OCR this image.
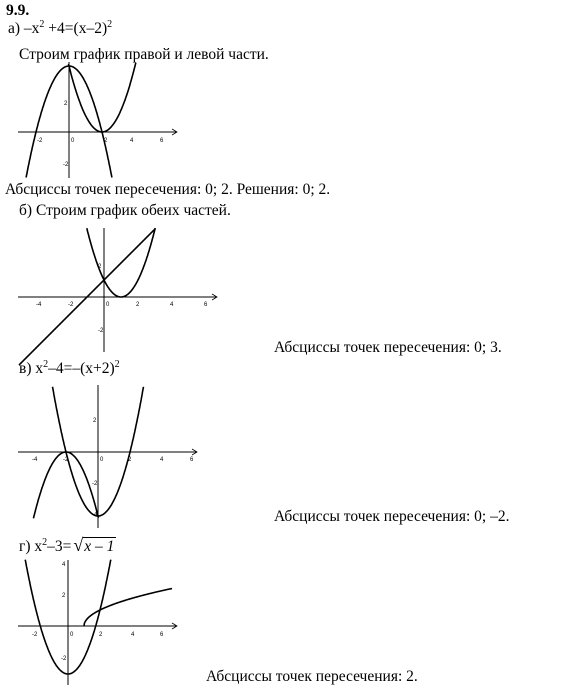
9.9.
а) $-x^2 +4=(x-2)^2$
Строим график правой и левой части.
-2	0	2	4	6
2
-2
-4	-2	0	2	4	6
2
-2
-4	-2	0	2	4	6
2
-2
-4
-2	0	2	4	6
4
2
-2
Абсциссы точек пересечения: 0; 2. Решения: 0; 2.
б) Строим график обеих частей.
Абсциссы точек пересечения: 0; 3.
в) $x^2-4=-(x+2)^2$
Абсциссы точек пересечения: 0; –2.
г) $x^2-3= √x - 1$
Абсциссы точек пересечения: 2.
